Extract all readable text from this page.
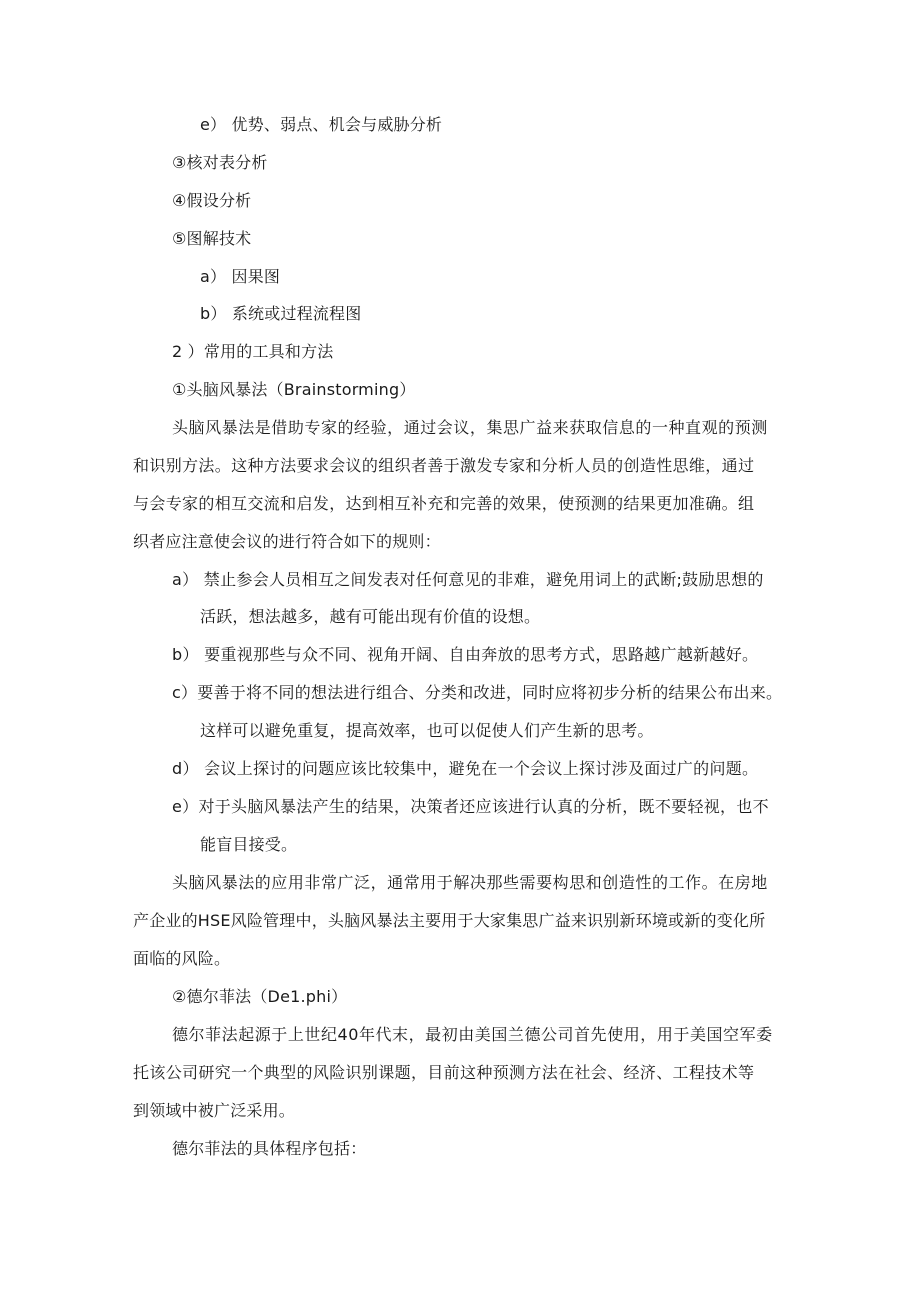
e） 优势、弱点、机会与威胁分析
③核对表分析
④假设分析
⑤图解技术
a） 因果图
b） 系统或过程流程图
2 ）常用的工具和方法
①头脑风暴法（Brainstorming）
头脑风暴法是借助专家的经验，通过会议，集思广益来获取信息的一种直观的预测
和识别方法。这种方法要求会议的组织者善于激发专家和分析人员的创造性思维，通过
与会专家的相互交流和启发，达到相互补充和完善的效果，使预测的结果更加准确。组
织者应注意使会议的进行符合如下的规则：
a） 禁止参会人员相互之间发表对任何意见的非难，避免用词上的武断;鼓励思想的
活跃，想法越多，越有可能出现有价值的设想。
b） 要重视那些与众不同、视角开阔、自由奔放的思考方式，思路越广越新越好。
c）要善于将不同的想法进行组合、分类和改进，同时应将初步分析的结果公布出来。
这样可以避免重复，提高效率，也可以促使人们产生新的思考。
d） 会议上探讨的问题应该比较集中，避免在一个会议上探讨涉及面过广的问题。
e）对于头脑风暴法产生的结果，决策者还应该进行认真的分析，既不要轻视，也不
能盲目接受。
头脑风暴法的应用非常广泛，通常用于解决那些需要构思和创造性的工作。在房地
产企业的HSE风险管理中，头脑风暴法主要用于大家集思广益来识别新环境或新的变化所
面临的风险。
②德尔菲法（De1.phi）
德尔菲法起源于上世纪40年代末，最初由美国兰德公司首先使用，用于美国空军委
托该公司研究一个典型的风险识别课题，目前这种预测方法在社会、经济、工程技术等
到领域中被广泛采用。
德尔菲法的具体程序包括：
